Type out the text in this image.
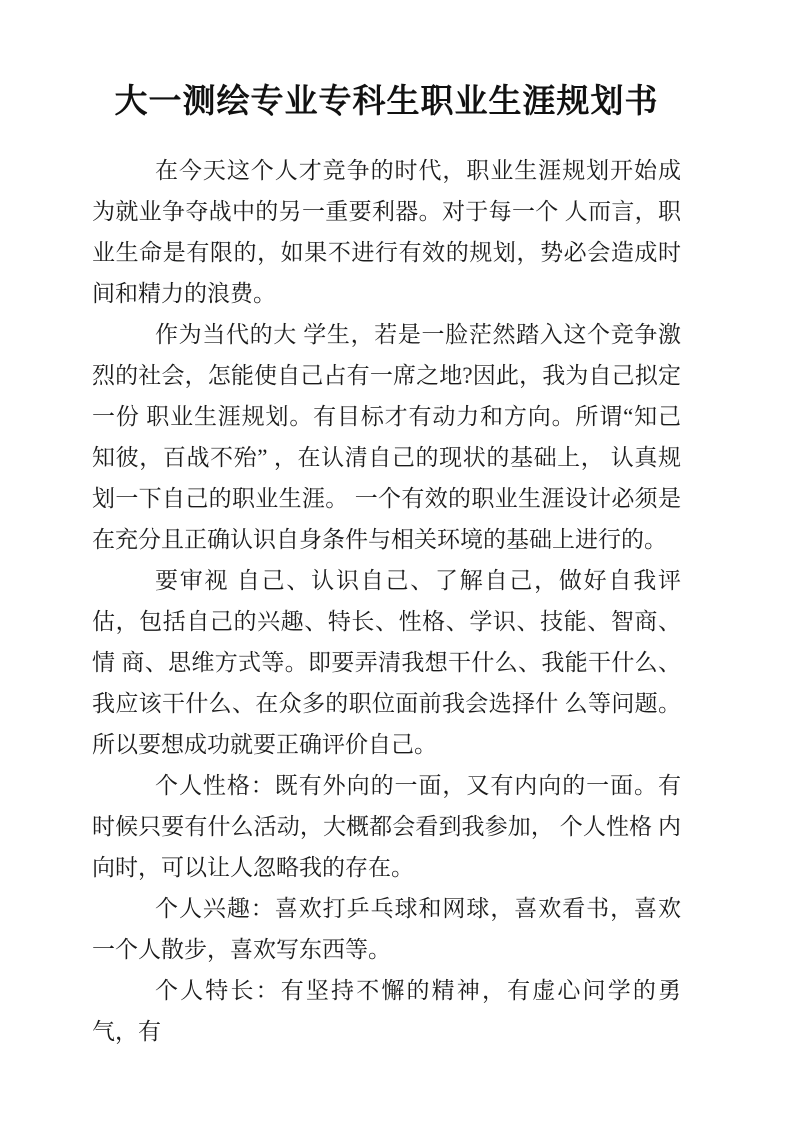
大一测绘专业专科生职业生涯规划书

在今天这个人才竞争的时代，职业生涯规划开始成为就业争夺战中的另一重要利器。对于每一个 人而言，职业生命是有限的，如果不进行有效的规划，势必会造成时间和精力的浪费。

作为当代的大 学生，若是一脸茫然踏入这个竞争激烈的社会，怎能使自己占有一席之地?因此，我为自己拟定一份 职业生涯规划。有目标才有动力和方向。所谓“知己知彼，百战不殆” ，在认清自己的现状的基础上， 认真规划一下自己的职业生涯。 一个有效的职业生涯设计必须是在充分且正确认识自身条件与相关环境的基础上进行的。

要审视 自己、认识自己、了解自己，做好自我评估，包括自己的兴趣、特长、性格、学识、技能、智商、情 商、思维方式等。即要弄清我想干什么、我能干什么、我应该干什么、在众多的职位面前我会选择什 么等问题。所以要想成功就要正确评价自己。

个人性格：既有外向的一面，又有内向的一面。有时候只要有什么活动，大概都会看到我参加， 个人性格 内向时，可以让人忽略我的存在。

个人兴趣：喜欢打乒乓球和网球，喜欢看书，喜欢一个人散步，喜欢写东西等。

个人特长：有坚持不懈的精神，有虚心问学的勇气，有
